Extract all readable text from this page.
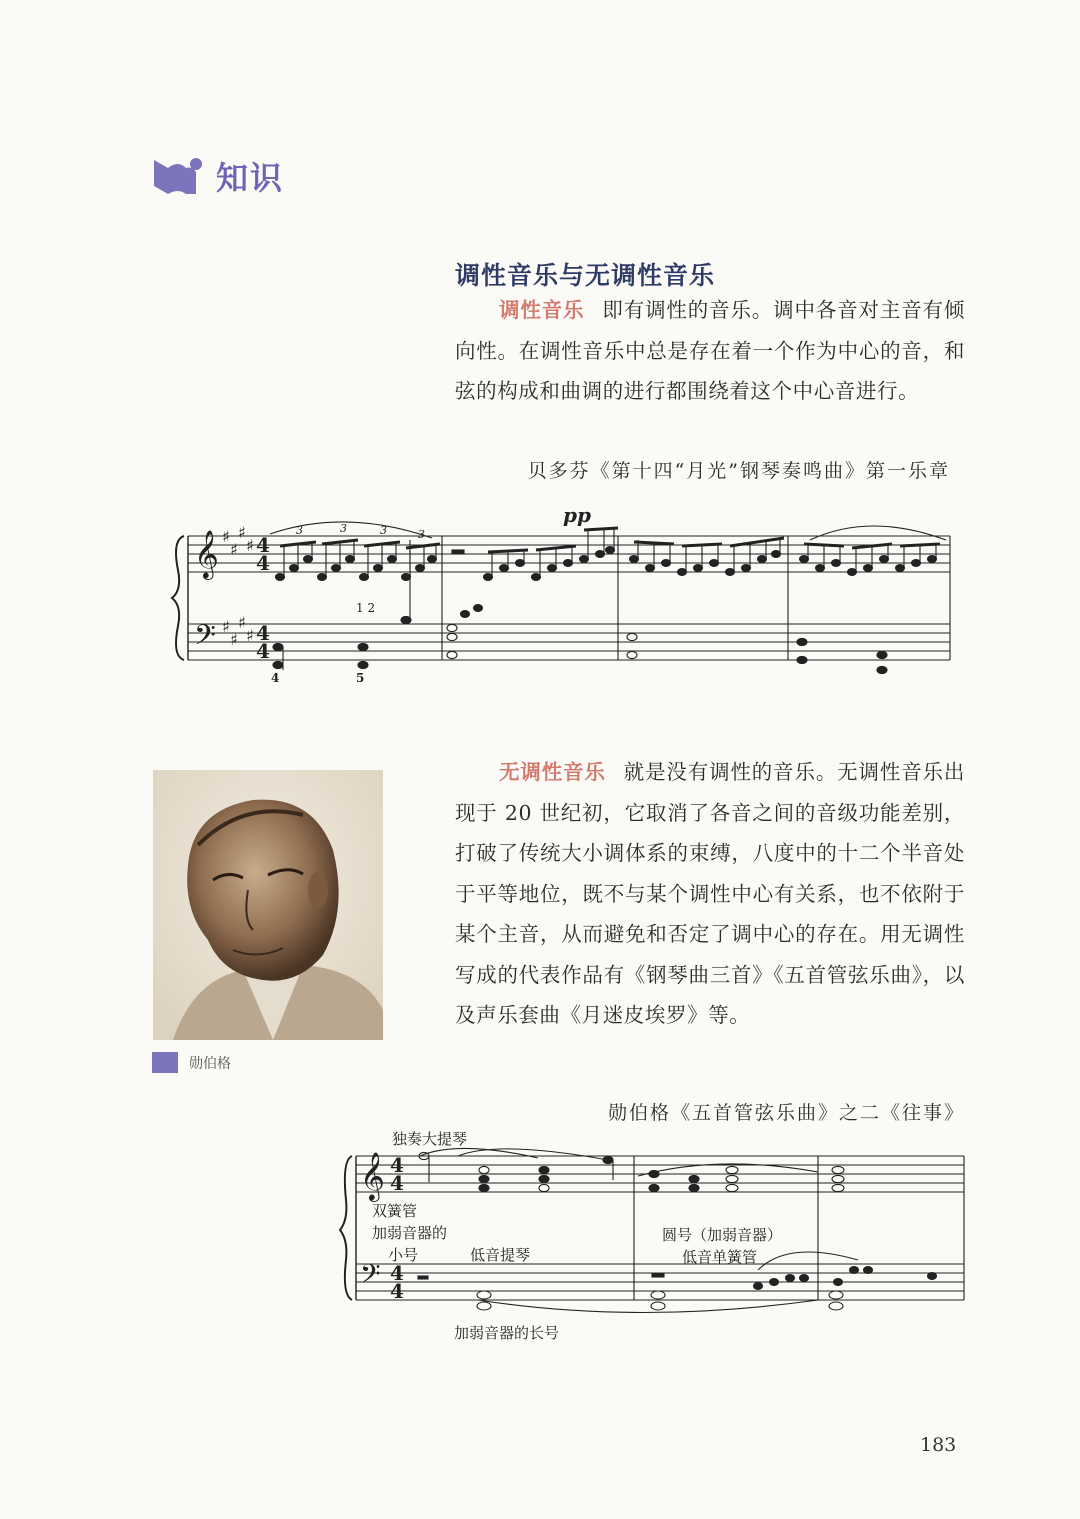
知识
调性音乐与无调性音乐
调性音乐 即有调性的音乐。调中各音对主音有倾向性。在调性音乐中总是存在着一个作为中心的音，和弦的构成和曲调的进行都围绕着这个中心音进行。
贝多芬《第十四“月光”钢琴奏鸣曲》第一乐章
𝄞
𝄢
♯
♯
♯
♯
♯
♯
♯
♯
4
4
4
4
3	3	3	3
pp
1 2
4	5
勋伯格
无调性音乐 就是没有调性的音乐。无调性音乐出现于 20 世纪初，它取消了各音之间的音级功能差别，打破了传统大小调体系的束缚，八度中的十二个半音处于平等地位，既不与某个调性中心有关系，也不依附于某个主音，从而避免和否定了调中心的存在。用无调性写成的代表作品有《钢琴曲三首》《五首管弦乐曲》，以及声乐套曲《月迷皮埃罗》等。
勋伯格《五首管弦乐曲》之二《往事》
𝄞
𝄢
4
4
4
4
独奏大提琴
双簧管
加弱音器的
小号	低音提琴
圆号（加弱音器）
低音单簧管
加弱音器的长号
183
